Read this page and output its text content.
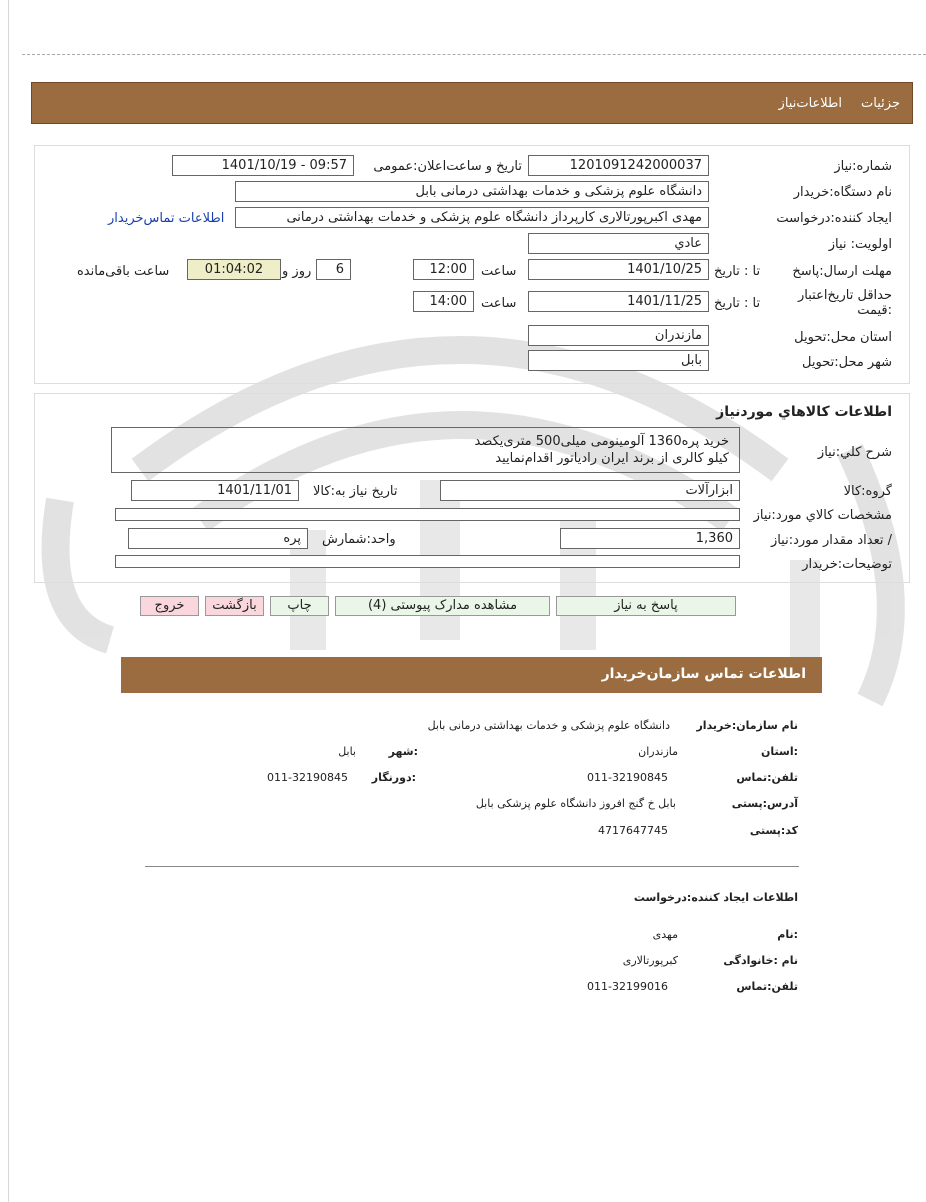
جزئیات
اطلاعات‌نیاز
شماره:نیاز
1201091242000037
تاریخ و ساعت‌اعلان:عمومی
1401/10/19 - 09:57
نام دستگاه:خریدار
دانشگاه علوم پزشکی و خدمات بهداشتی درمانی بابل
ایجاد کننده:درخواست
مهدی اکبرپورتالاری کارپرداز دانشگاه علوم پزشکی و خدمات بهداشتی درمانی
اطلاعات تماس‌خریدار
اولویت: نیاز
عادي
مهلت ارسال:پاسخ
تا : تاریخ
1401/10/25
ساعت
12:00
6
روز و
01:04:02
ساعت باقی‌مانده
حداقل تاریخ‌اعتبار :قیمت
تا : تاریخ
1401/11/25
ساعت
14:00
استان محل:تحویل
مازندران
شهر محل:تحویل
بابل
اطلاعات کالاهاي موردنياز
شرح کلي:نياز
خرید پره1360 آلومینومی میلی500 متری‌یکصد
کیلو کالری از برند ایران رادیاتور اقدام‌نمایید
گروه:کالا
ابزارآلات
تاریخ نیاز به:کالا
1401/11/01
مشخصات کالاي مورد:نياز
/ تعداد مقدار مورد:نیاز
1,360
واحد:شمارش
پره
توضیحات:خریدار
پاسخ به نیاز
مشاهده مدارک پیوستی (4)
چاپ
بازگشت
خروج
اطلاعات تماس سازمان‌خریدار
نام سازمان:خریدار
دانشگاه علوم پزشکی و خدمات بهداشتی درمانی بابل
:استان
مازندران
:شهر
بابل
تلفن:تماس
011-32190845
:دورنگار
011-32190845
آدرس:پستی
بابل خ گنج افروز دانشگاه علوم پزشکی بابل
کد:پستی
4717647745
اطلاعات ایجاد کننده:درخواست
:نام
مهدی
نام :خانوادگی
کبرپورتالاری
تلفن:تماس
011-32199016
